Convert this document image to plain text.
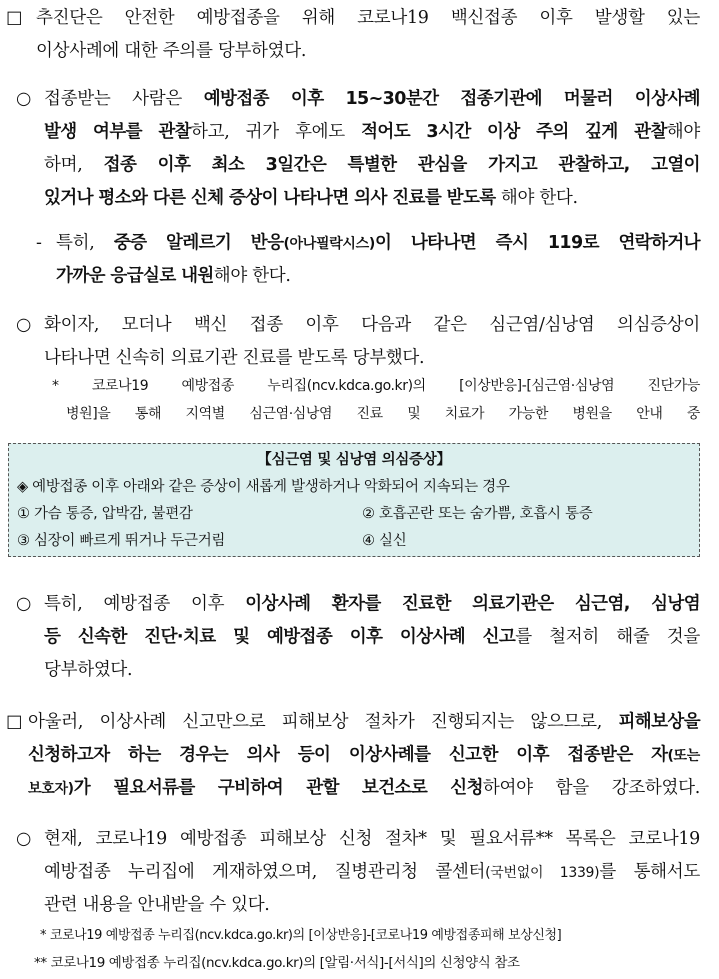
□ 추진단은 안전한 예방접종을 위해 코로나19 백신접종 이후 발생할 있는
이상사례에 대한 주의를 당부하였다.
○ 접종받는 사람은 예방접종 이후 15~30분간 접종기관에 머물러 이상사례
발생 여부를 관찰하고, 귀가 후에도 적어도 3시간 이상 주의 깊게 관찰해야
하며, 접종 이후 최소 3일간은 특별한 관심을 가지고 관찰하고, 고열이
있거나 평소와 다른 신체 증상이 나타나면 의사 진료를 받도록 해야 한다.
- 특히, 중증 알레르기 반응(아나필락시스)이 나타나면 즉시 119로 연락하거나
가까운 응급실로 내원해야 한다.
○ 화이자, 모더나 백신 접종 이후 다음과 같은 심근염/심낭염 의심증상이
나타나면 신속히 의료기관 진료를 받도록 당부했다.
* 코로나19 예방접종 누리집(ncv.kdca.go.kr)의 [이상반응]-[심근염·심낭염 진단가능
병원]을 통해 지역별 심근염·심낭염 진료 및 치료가 가능한 병원을 안내 중
【심근염 및 심낭염 의심증상】
◈ 예방접종 이후 아래와 같은 증상이 새롭게 발생하거나 악화되어 지속되는 경우
① 가슴 통증, 압박감, 불편감	② 호흡곤란 또는 숨가쁨, 호흡시 통증
③ 심장이 빠르게 뛰거나 두근거림	④ 실신
○ 특히, 예방접종 이후 이상사례 환자를 진료한 의료기관은 심근염, 심낭염
등 신속한 진단·치료 및 예방접종 이후 이상사례 신고를 철저히 해줄 것을
당부하였다.
□ 아울러, 이상사례 신고만으로 피해보상 절차가 진행되지는 않으므로, 피해보상을
신청하고자 하는 경우는 의사 등이 이상사례를 신고한 이후 접종받은 자(또는
보호자)가 필요서류를 구비하여 관할 보건소로 신청하여야 함을 강조하였다.
○ 현재, 코로나19 예방접종 피해보상 신청 절차* 및 필요서류** 목록은 코로나19
예방접종 누리집에 게재하였으며, 질병관리청 콜센터(국번없이 1339)를 통해서도
관련 내용을 안내받을 수 있다.
* 코로나19 예방접종 누리집(ncv.kdca.go.kr)의 [이상반응]-[코로나19 예방접종피해 보상신청]
** 코로나19 예방접종 누리집(ncv.kdca.go.kr)의 [알림·서식]-[서식]의 신청양식 참조
